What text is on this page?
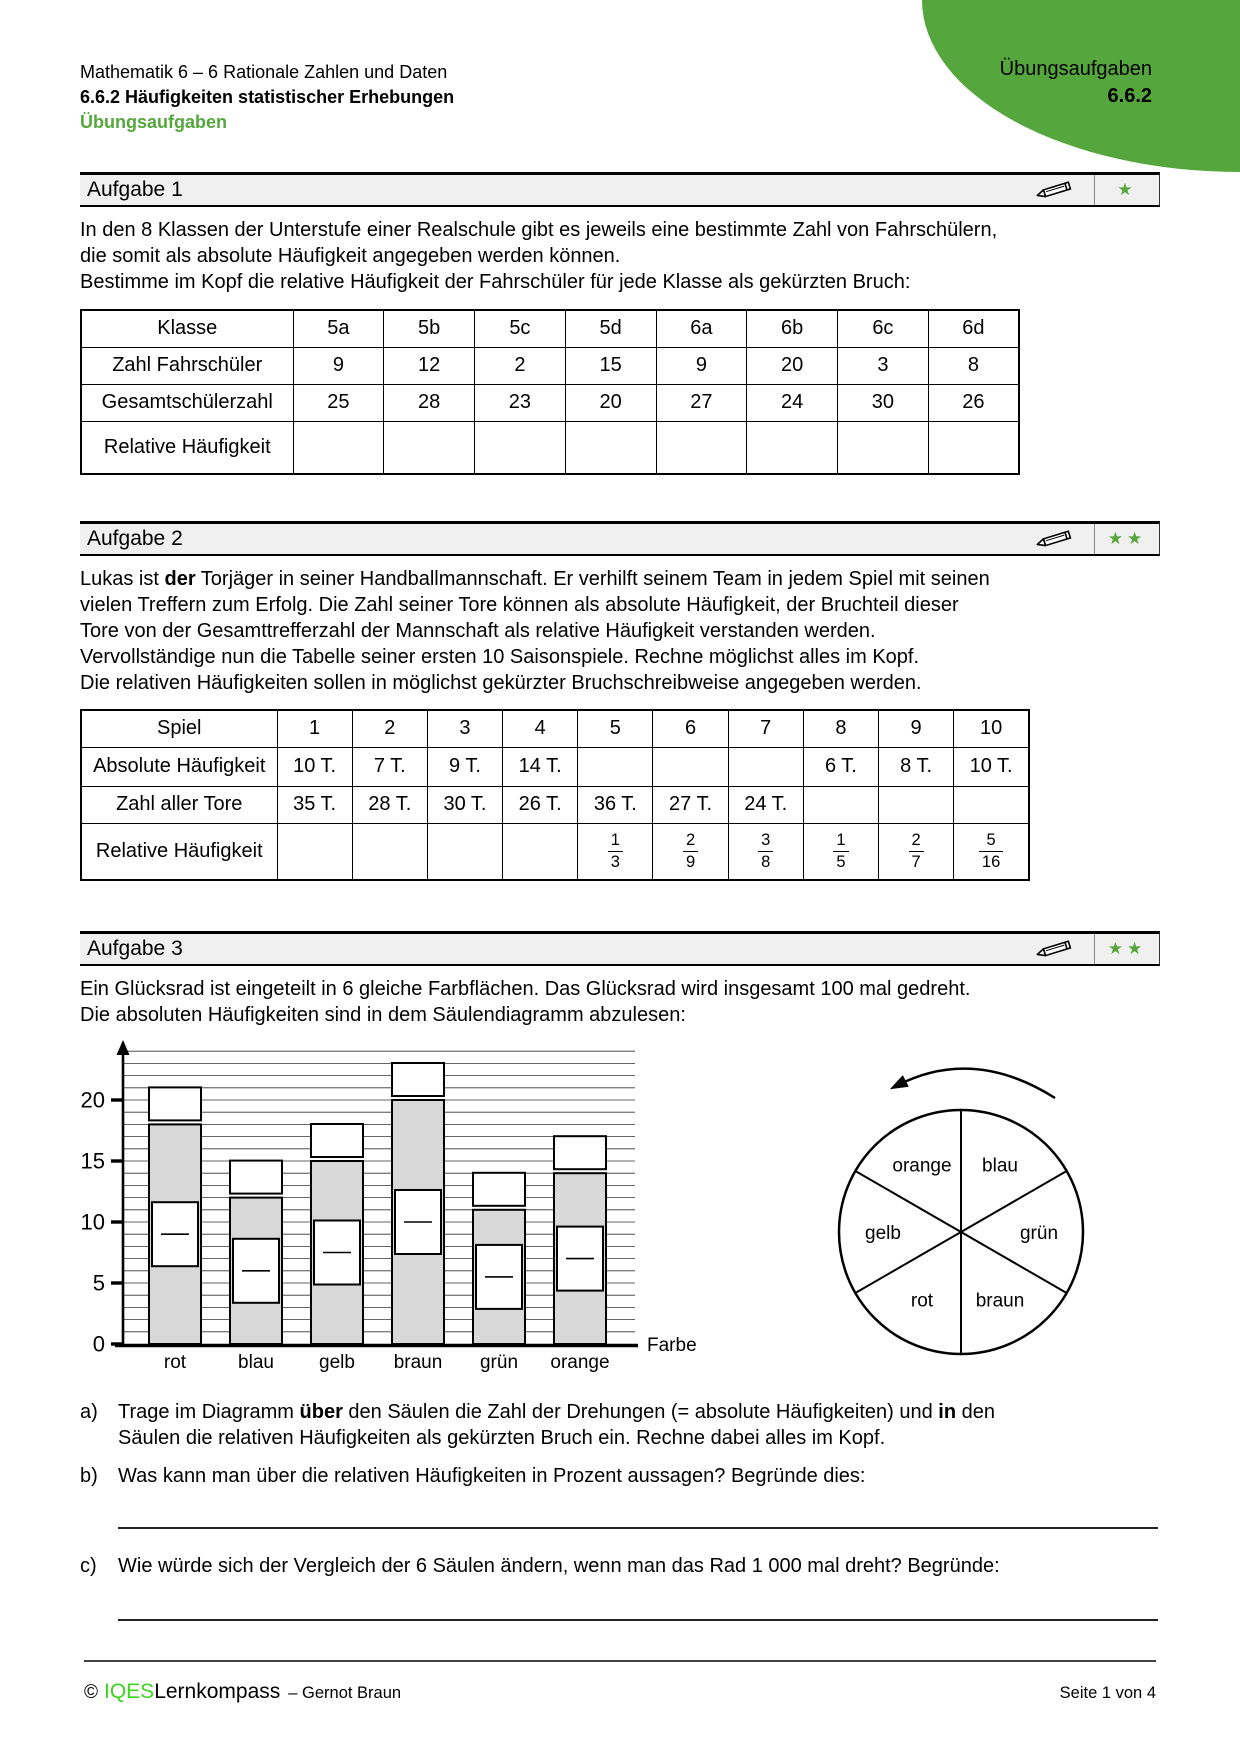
Übungsaufgaben
6.6.2
Mathematik 6 – 6 Rationale Zahlen und Daten
6.6.2 Häufigkeiten statistischer Erhebungen
Übungsaufgaben
Aufgabe 1	★
In den 8 Klassen der Unterstufe einer Realschule gibt es jeweils eine bestimmte Zahl von Fahrschülern,
die somit als absolute Häufigkeit angegeben werden können.
Bestimme im Kopf die relative Häufigkeit der Fahrschüler für jede Klasse als gekürzten Bruch:
Klasse	5a	5b	5c	5d	6a	6b	6c	6d
Zahl Fahrschüler	9	12	2	15	9	20	3	8
Gesamtschülerzahl	25	28	23	20	27	24	30	26
Relative Häufigkeit								
Aufgabe 2	★★
Lukas ist der Torjäger in seiner Handballmannschaft. Er verhilft seinem Team in jedem Spiel mit seinen
vielen Treffern zum Erfolg. Die Zahl seiner Tore können als absolute Häufigkeit, der Bruchteil dieser
Tore von der Gesamttrefferzahl der Mannschaft als relative Häufigkeit verstanden werden.
Vervollständige nun die Tabelle seiner ersten 10 Saisonspiele. Rechne möglichst alles im Kopf.
Die relativen Häufigkeiten sollen in möglichst gekürzter Bruchschreibweise angegeben werden.
Spiel	1	2	3	4	5	6	7	8	9	10
Absolute Häufigkeit	10 T.	7 T.	9 T.	14 T.				6 T.	8 T.	10 T.
Zahl aller Tore	35 T.	28 T.	30 T.	26 T.	36 T.	27 T.	24 T.			
Relative Häufigkeit					$\frac{1}{3}$	$\frac{2}{9}$	$\frac{3}{8}$	$\frac{1}{5}$	$\frac{2}{7}$	$\frac{5}{16}$
Aufgabe 3	★★
Ein Glücksrad ist eingeteilt in 6 gleiche Farbflächen. Das Glücksrad wird insgesamt 100 mal gedreht.
Die absoluten Häufigkeiten sind in dem Säulendiagramm abzulesen:
0
5
10
15
20
rot	blau gelb braun grün orange
Farbe
orange blau
gelb	grün
rot braun
a)	Trage im Diagramm über den Säulen die Zahl der Drehungen (= absolute Häufigkeiten) und in den
Säulen die relativen Häufigkeiten als gekürzten Bruch ein. Rechne dabei alles im Kopf.
b)	Was kann man über die relativen Häufigkeiten in Prozent aussagen? Begründe dies:
c)	Wie würde sich der Vergleich der 6 Säulen ändern, wenn man das Rad 1 000 mal dreht? Begründe:
© IQESLernkompass – Gernot Braun	Seite 1 von 4
